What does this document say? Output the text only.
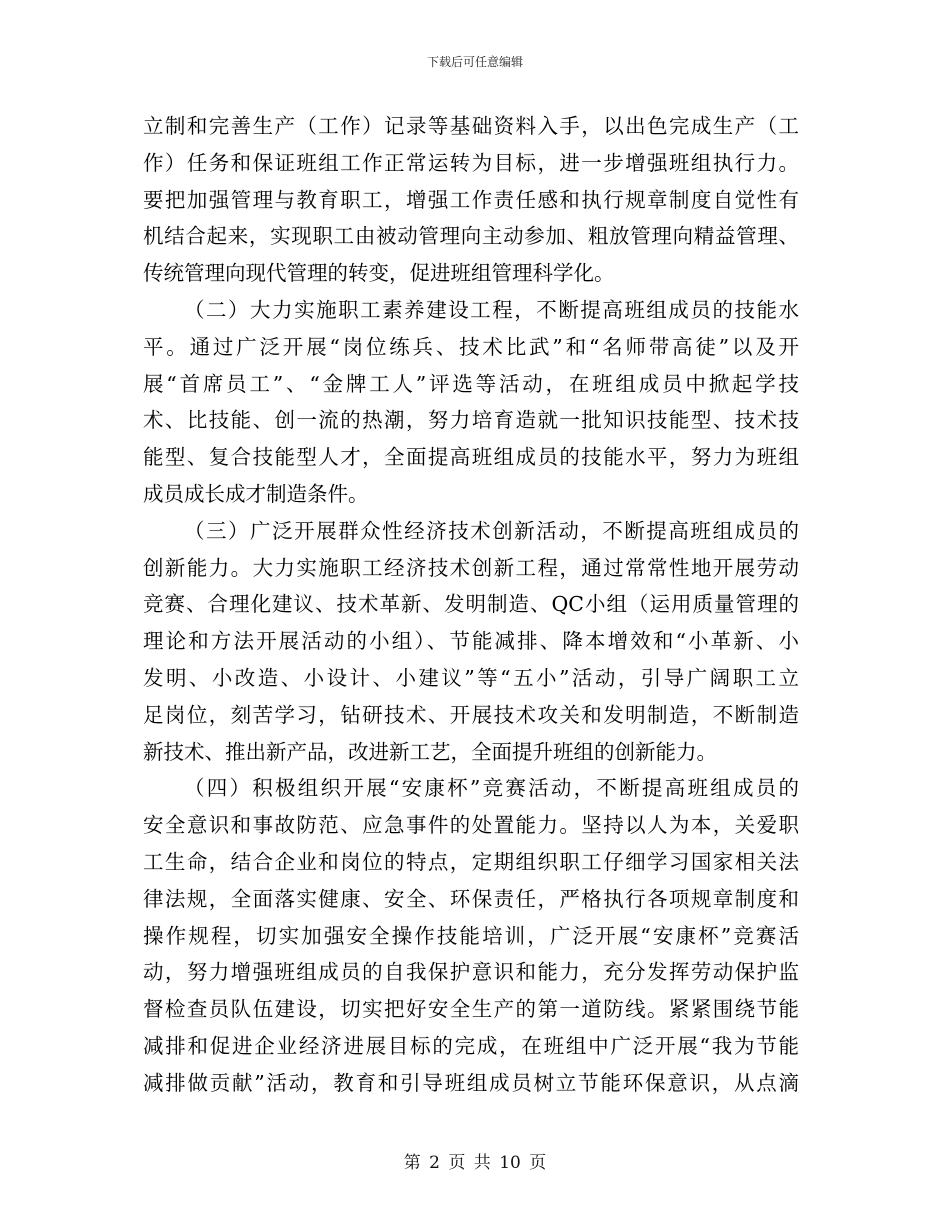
下载后可任意编辑
立制和完善生产（工作）记录等基础资料入手，以出色完成生产（工
作）任务和保证班组工作正常运转为目标，进一步增强班组执行力。
要把加强管理与教育职工，增强工作责任感和执行规章制度自觉性有
机结合起来，实现职工由被动管理向主动参加、粗放管理向精益管理、
传统管理向现代管理的转变，促进班组管理科学化。
（二）大力实施职工素养建设工程，不断提高班组成员的技能水
平。通过广泛开展“岗位练兵、技术比武”和“名师带高徒”以及开
展“首席员工”、“金牌工人”评选等活动，在班组成员中掀起学技
术、比技能、创一流的热潮，努力培育造就一批知识技能型、技术技
能型、复合技能型人才，全面提高班组成员的技能水平，努力为班组
成员成长成才制造条件。
（三）广泛开展群众性经济技术创新活动，不断提高班组成员的
创新能力。大力实施职工经济技术创新工程，通过常常性地开展劳动
竞赛、合理化建议、技术革新、发明制造、QC小组（运用质量管理的
理论和方法开展活动的小组）、节能减排、降本增效和“小革新、小
发明、小改造、小设计、小建议”等“五小”活动，引导广阔职工立
足岗位，刻苦学习，钻研技术、开展技术攻关和发明制造，不断制造
新技术、推出新产品，改进新工艺，全面提升班组的创新能力。
（四）积极组织开展“安康杯”竞赛活动，不断提高班组成员的
安全意识和事故防范、应急事件的处置能力。坚持以人为本，关爱职
工生命，结合企业和岗位的特点，定期组织职工仔细学习国家相关法
律法规，全面落实健康、安全、环保责任，严格执行各项规章制度和
操作规程，切实加强安全操作技能培训，广泛开展“安康杯”竞赛活
动，努力增强班组成员的自我保护意识和能力，充分发挥劳动保护监
督检查员队伍建设，切实把好安全生产的第一道防线。紧紧围绕节能
减排和促进企业经济进展目标的完成，在班组中广泛开展“我为节能
减排做贡献”活动，教育和引导班组成员树立节能环保意识，从点滴
第 2 页 共 10 页
